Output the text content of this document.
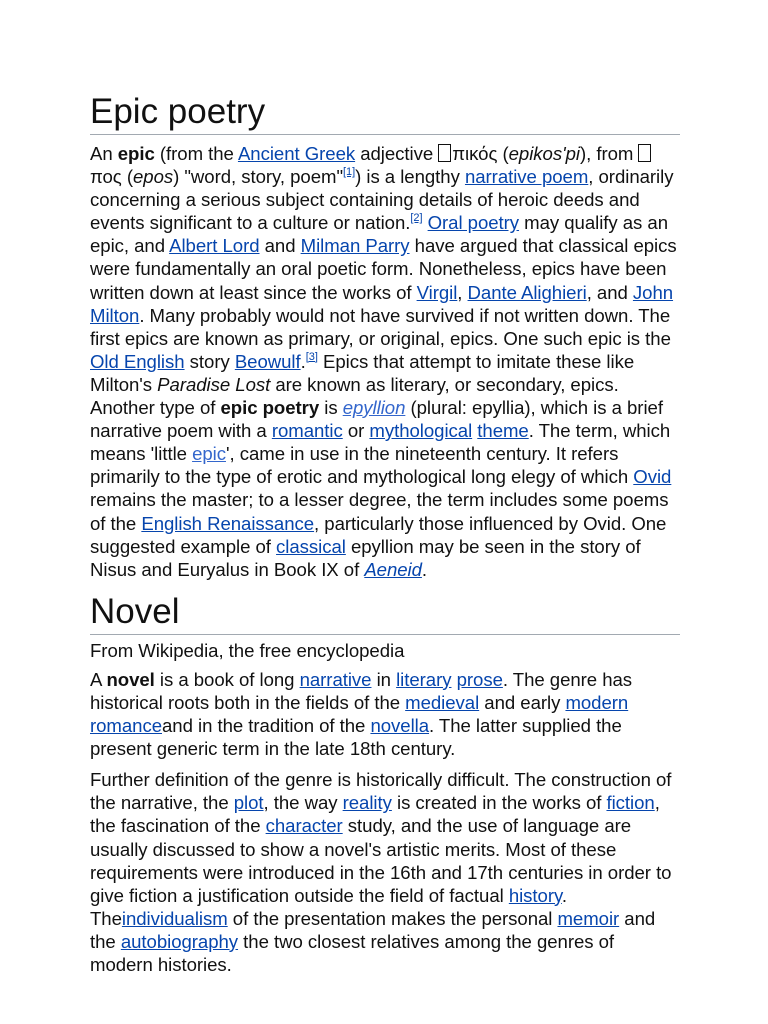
Epic poetry

An epic (from the Ancient Greek adjective πικός (epikos'pi), from πος (epos) "word, story, poem"[1]) is a lengthy narrative poem, ordinarily concerning a serious subject containing details of heroic deeds and events significant to a culture or nation.[2] Oral poetry may qualify as an epic, and Albert Lord and Milman Parry have argued that classical epics were fundamentally an oral poetic form. Nonetheless, epics have been written down at least since the works of Virgil, Dante Alighieri, and John Milton. Many probably would not have survived if not written down. The first epics are known as primary, or original, epics. One such epic is the Old English story Beowulf.[3] Epics that attempt to imitate these like Milton's Paradise Lost are known as literary, or secondary, epics. Another type of epic poetry is epyllion (plural: epyllia), which is a brief narrative poem with a romantic or mythological theme. The term, which means 'little epic', came in use in the nineteenth century. It refers primarily to the type of erotic and mythological long elegy of which Ovid remains the master; to a lesser degree, the term includes some poems of the English Renaissance, particularly those influenced by Ovid. One suggested example of classical epyllion may be seen in the story of Nisus and Euryalus in Book IX of Aeneid.

Novel

From Wikipedia, the free encyclopedia

A novel is a book of long narrative in literary prose. The genre has historical roots both in the fields of the medieval and early modern romanceand in the tradition of the novella. The latter supplied the present generic term in the late 18th century.

Further definition of the genre is historically difficult. The construction of the narrative, the plot, the way reality is created in the works of fiction, the fascination of the character study, and the use of language are usually discussed to show a novel's artistic merits. Most of these requirements were introduced in the 16th and 17th centuries in order to give fiction a justification outside the field of factual history. Theindividualism of the presentation makes the personal memoir and the autobiography the two closest relatives among the genres of modern histories.
